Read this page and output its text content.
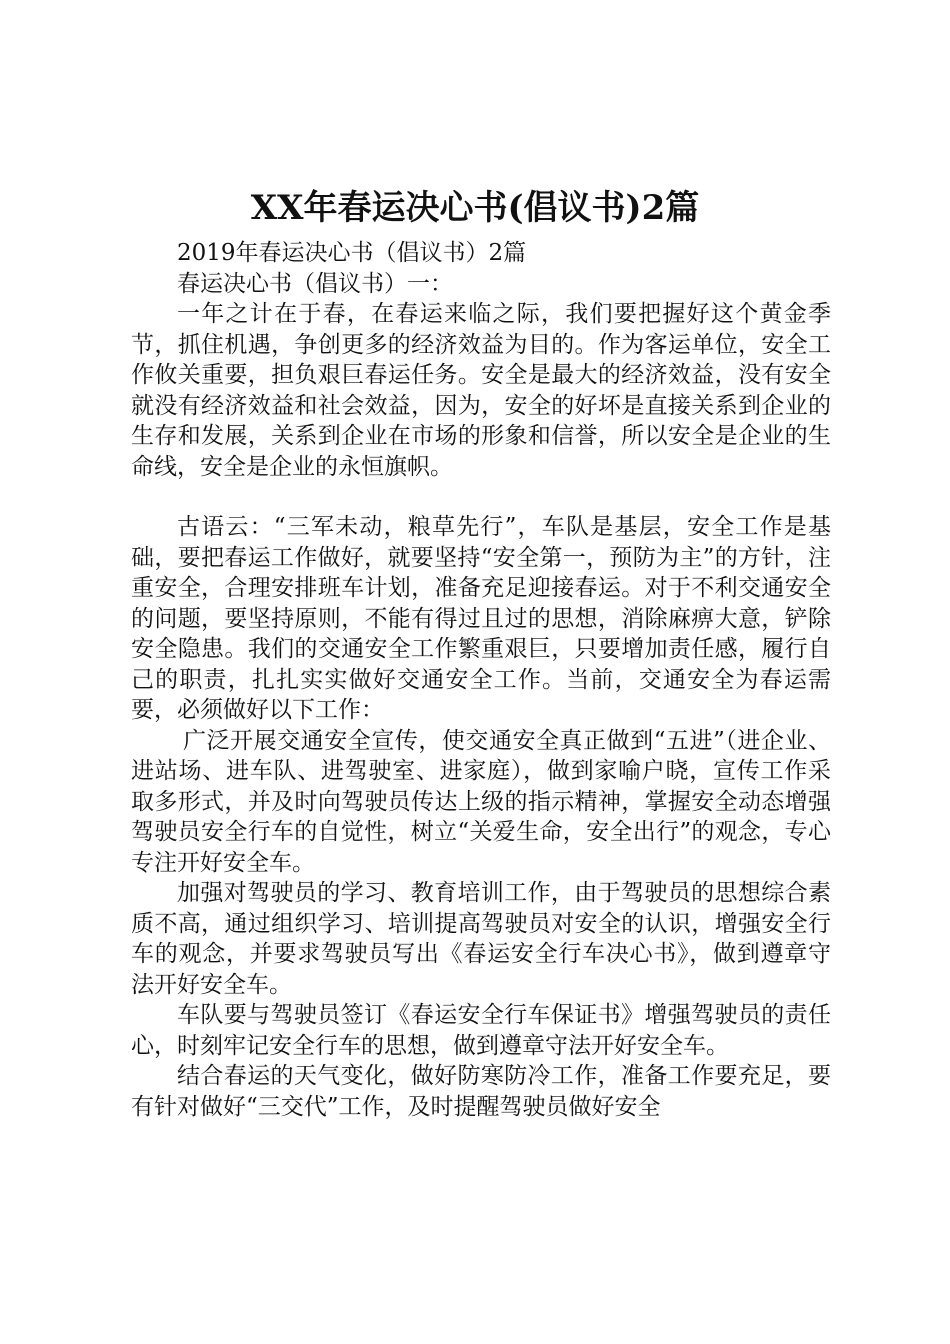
XX年春运决心书(倡议书)2篇

2019年春运决心书（倡议书）2篇

春运决心书（倡议书）一：

一年之计在于春，在春运来临之际，我们要把握好这个黄金季节，抓住机遇，争创更多的经济效益为目的。作为客运单位，安全工作攸关重要，担负艰巨春运任务。安全是最大的经济效益，没有安全就没有经济效益和社会效益，因为，安全的好坏是直接关系到企业的生存和发展，关系到企业在市场的形象和信誉，所以安全是企业的生命线，安全是企业的永恒旗帜。

古语云：“三军未动，粮草先行”，车队是基层，安全工作是基础，要把春运工作做好，就要坚持“安全第一，预防为主”的方针，注重安全，合理安排班车计划，准备充足迎接春运。对于不利交通安全的问题，要坚持原则，不能有得过且过的思想，消除麻痹大意，铲除安全隐患。我们的交通安全工作繁重艰巨，只要增加责任感，履行自己的职责，扎扎实实做好交通安全工作。当前，交通安全为春运需要，必须做好以下工作：

广泛开展交通安全宣传，使交通安全真正做到“五进”（进企业、进站场、进车队、进驾驶室、进家庭），做到家喻户晓，宣传工作采取多形式，并及时向驾驶员传达上级的指示精神，掌握安全动态增强驾驶员安全行车的自觉性，树立“关爱生命，安全出行”的观念，专心专注开好安全车。

加强对驾驶员的学习、教育培训工作，由于驾驶员的思想综合素质不高，通过组织学习、培训提高驾驶员对安全的认识，增强安全行车的观念，并要求驾驶员写出《春运安全行车决心书》，做到遵章守法开好安全车。

车队要与驾驶员签订《春运安全行车保证书》增强驾驶员的责任心，时刻牢记安全行车的思想，做到遵章守法开好安全车。

结合春运的天气变化，做好防寒防冷工作，准备工作要充足，要有针对做好“三交代”工作，及时提醒驾驶员做好安全
